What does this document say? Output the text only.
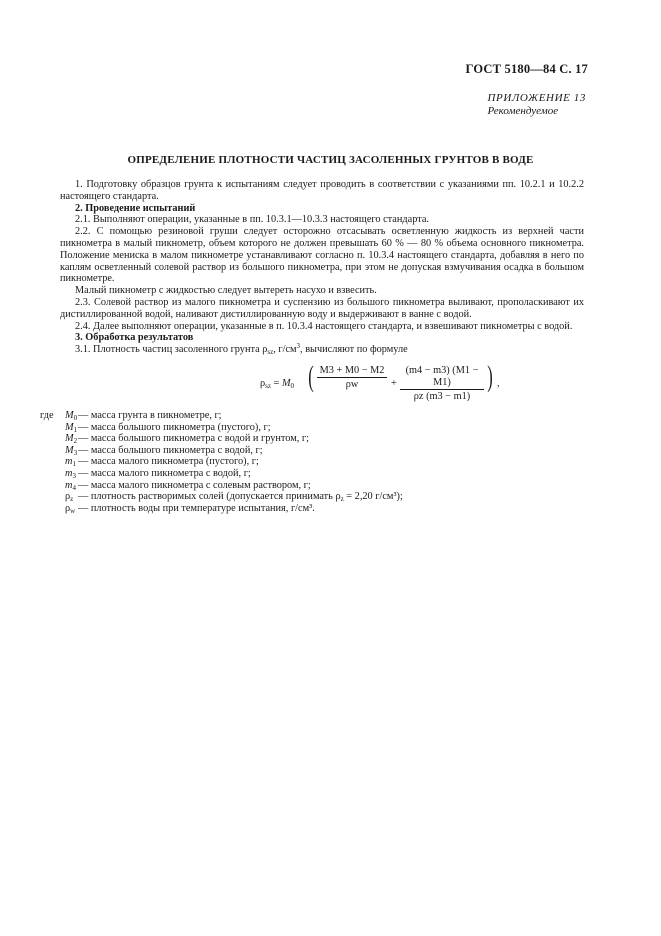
ГОСТ 5180—84 С. 17
ПРИЛОЖЕНИЕ 13
Рекомендуемое
ОПРЕДЕЛЕНИЕ ПЛОТНОСТИ ЧАСТИЦ ЗАСОЛЕННЫХ ГРУНТОВ В ВОДЕ

1. Подготовку образцов грунта к испытаниям следует проводить в соответствии с указаниями пп. 10.2.1 и 10.2.2 настоящего стандарта.

2. Проведение испытаний

2.1. Выполняют операции, указанные в пп. 10.3.1—10.3.3 настоящего стандарта.

2.2. С помощью резиновой груши следует осторожно отсасывать осветленную жидкость из верхней части пикнометра в малый пикнометр, объем которого не должен превышать 60 % — 80 % объема основного пикнометра. Положение мениска в малом пикнометре устанавливают согласно п. 10.3.4 настоящего стандарта, добавляя в него по каплям осветленный солевой раствор из большого пикнометра, при этом не допуская взмучивания осадка в большом пикнометре.

Малый пикнометр с жидкостью следует вытереть насухо и взвесить.

2.3. Солевой раствор из малого пикнометра и суспензию из большого пикнометра выливают, прополаскивают их дистиллированной водой, наливают дистиллированную воду и выдерживают в ванне с водой.

2.4. Далее выполняют операции, указанные в п. 10.3.4 настоящего стандарта, и взвешивают пикнометры с водой.

3. Обработка результатов

3.1. Плотность частиц засоленного грунта $\rho_{sz}$, $г/см^3$, вычисляют по формуле

$\rho_{sz} = M_0$ ( $\frac{M3 + M0 - M2}{\rho w} + \frac{(m4 - m3) (M1 - M1)}{\rho z (m3 - m1)}$ ) ,
где $M_0$ — масса грунта в пикнометре, г;
$M_1$ — масса большого пикнометра (пустого), г;
$M_2$ — масса большого пикнометра с водой и грунтом, г;
$M_3$ — масса большого пикнометра с водой, г;
$m_1$ — масса малого пикнометра (пустого), г;
$m_3$ — масса малого пикнометра с водой, г;
$m_4$ — масса малого пикнометра с солевым раствором, г;
$\rho_z$ — плотность растворимых солей (допускается принимать $\rho_z = 2,20$ г/см³);
$\rho_w$ — плотность воды при температуре испытания, г/см³.
